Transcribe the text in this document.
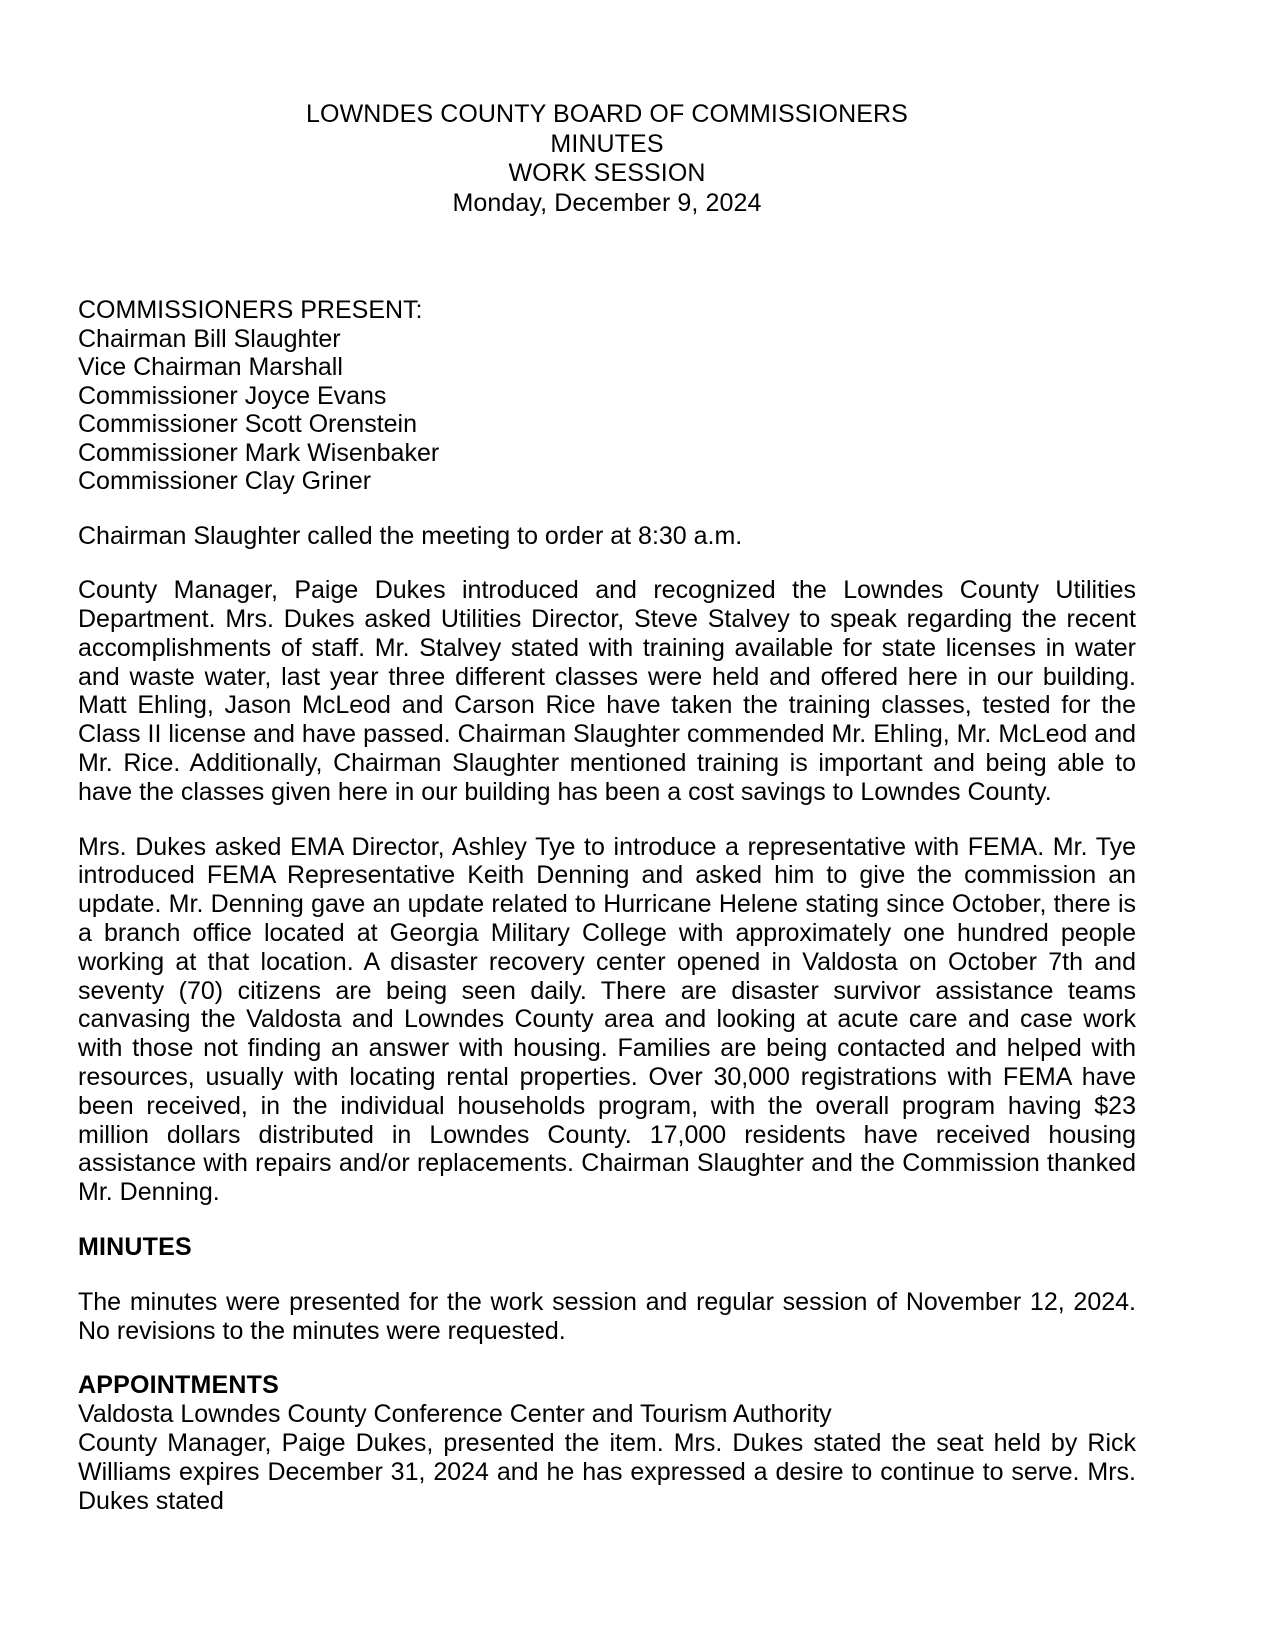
LOWNDES COUNTY BOARD OF COMMISSIONERS
MINUTES
WORK SESSION
Monday, December 9, 2024
COMMISSIONERS PRESENT:
Chairman Bill Slaughter
Vice Chairman Marshall
Commissioner Joyce Evans
Commissioner Scott Orenstein
Commissioner Mark Wisenbaker
Commissioner Clay Griner

Chairman Slaughter called the meeting to order at 8:30 a.m.

County Manager, Paige Dukes introduced and recognized the Lowndes County Utilities Department. Mrs. Dukes asked Utilities Director, Steve Stalvey to speak regarding the recent accomplishments of staff. Mr. Stalvey stated with training available for state licenses in water and waste water, last year three different classes were held and offered here in our building. Matt Ehling, Jason McLeod and Carson Rice have taken the training classes, tested for the Class II license and have passed. Chairman Slaughter commended Mr. Ehling, Mr. McLeod and Mr. Rice. Additionally, Chairman Slaughter mentioned training is important and being able to have the classes given here in our building has been a cost savings to Lowndes County.

Mrs. Dukes asked EMA Director, Ashley Tye to introduce a representative with FEMA. Mr. Tye introduced FEMA Representative Keith Denning and asked him to give the commission an update. Mr. Denning gave an update related to Hurricane Helene stating since October, there is a branch office located at Georgia Military College with approximately one hundred people working at that location. A disaster recovery center opened in Valdosta on October 7th and seventy (70) citizens are being seen daily. There are disaster survivor assistance teams canvasing the Valdosta and Lowndes County area and looking at acute care and case work with those not finding an answer with housing. Families are being contacted and helped with resources, usually with locating rental properties. Over 30,000 registrations with FEMA have been received, in the individual households program, with the overall program having $23 million dollars distributed in Lowndes County. 17,000 residents have received housing assistance with repairs and/or replacements. Chairman Slaughter and the Commission thanked Mr. Denning.

MINUTES

The minutes were presented for the work session and regular session of November 12, 2024. No revisions to the minutes were requested.

APPOINTMENTS
Valdosta Lowndes County Conference Center and Tourism Authority

County Manager, Paige Dukes, presented the item. Mrs. Dukes stated the seat held by Rick Williams expires December 31, 2024 and he has expressed a desire to continue to serve. Mrs. Dukes stated
